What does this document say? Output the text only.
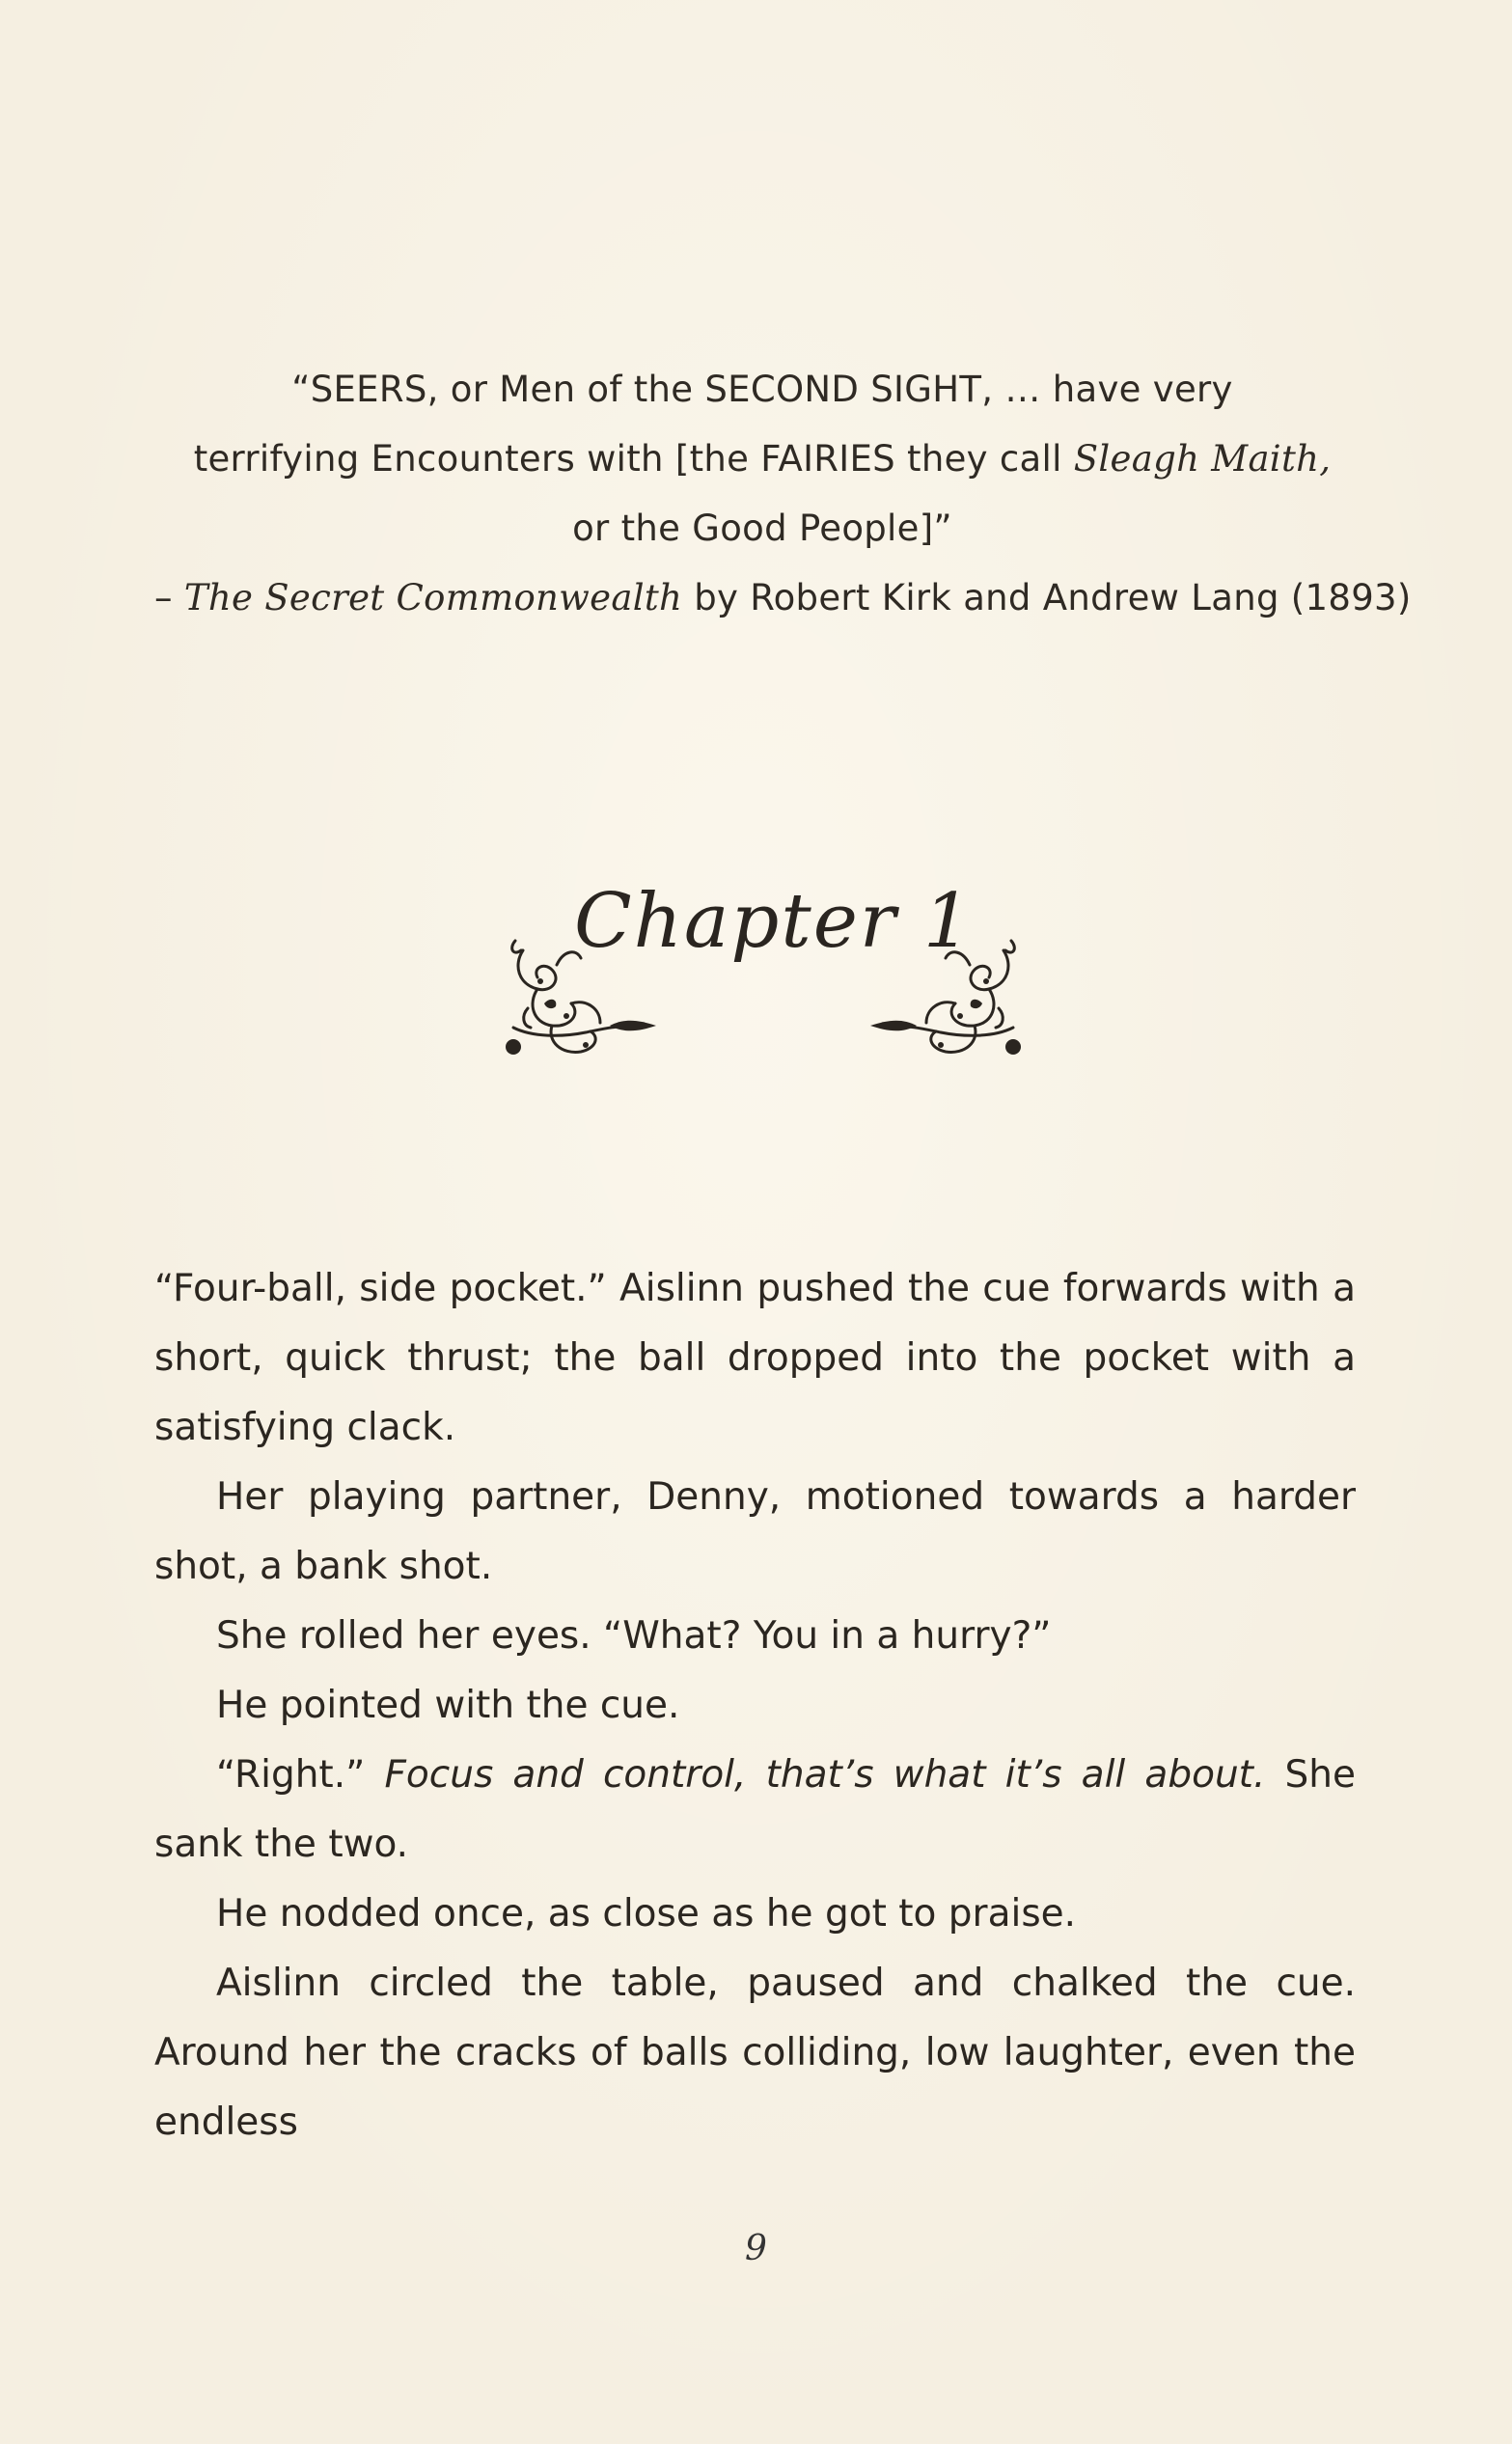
“SEERS, or Men of the SECOND SIGHT, … have very
terrifying Encounters with [the FAIRIES they call Sleagh Maith,
or the Good People]”
– The Secret Commonwealth by Robert Kirk and Andrew Lang (1893)
Chapter 1

“Four-ball, side pocket.” Aislinn pushed the cue forwards with a short, quick thrust; the ball dropped into the pocket with a satisfying clack.

Her playing partner, Denny, motioned towards a harder shot, a bank shot.

She rolled her eyes. “What? You in a hurry?”

He pointed with the cue.

“Right.” Focus and control, that’s what it’s all about. She sank the two.

He nodded once, as close as he got to praise.

Aislinn circled the table, paused and chalked the cue. Around her the cracks of balls colliding, low laughter, even the endless

9
